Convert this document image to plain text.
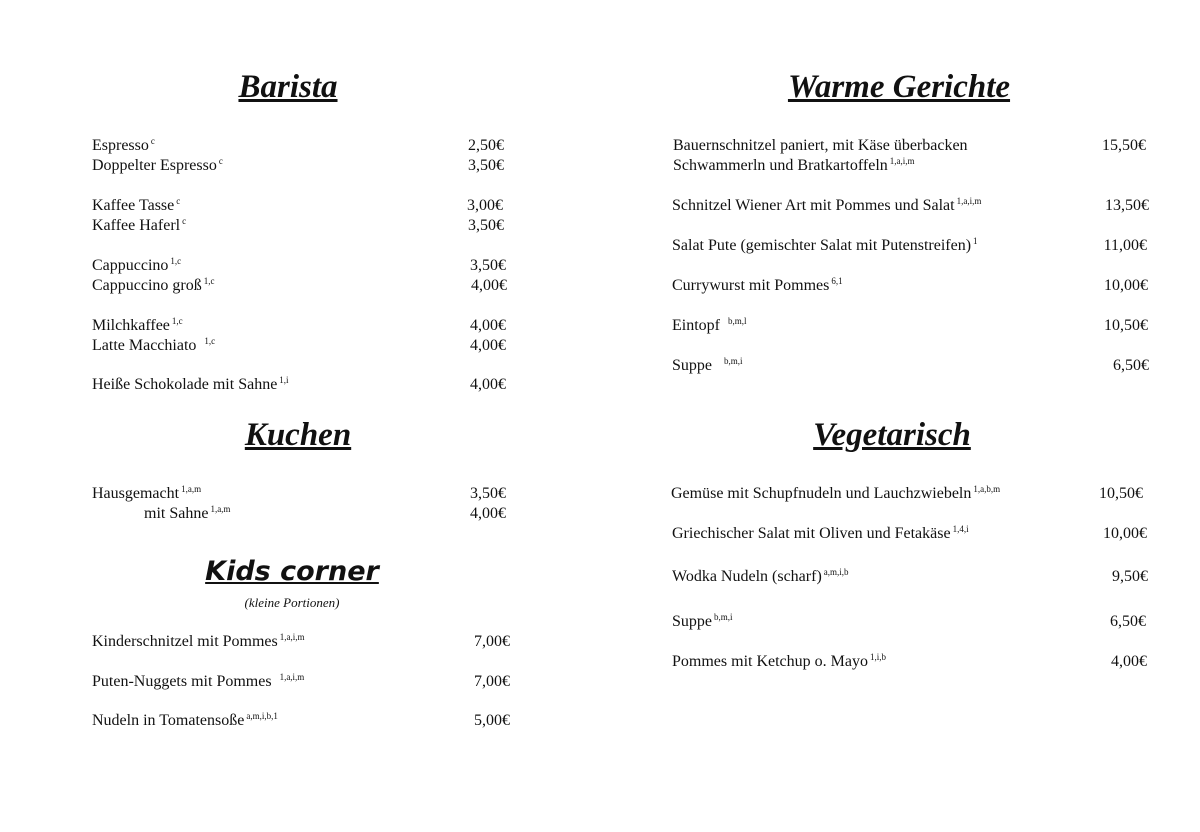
Barista
Espresso $^c$	2,50€
Doppelter Espresso $^c$	3,50€
Kaffee Tasse $^c$	3,00€
Kaffee Haferl $^c$	3,50€
Cappuccino $^{1,c}$	3,50€
Cappuccino groß $^{1,c}$	4,00€
Milchkaffee $^{1,c}$	4,00€
Latte Macchiato $^{1,c}$	4,00€
Heiße Schokolade mit Sahne $^{1,i}$	4,00€
Kuchen
Hausgemacht $^{1,a,m}$	3,50€
mit Sahne $^{1,a,m}$	4,00€
Kids corner
(kleine Portionen)
Kinderschnitzel mit Pommes $^{1,a,i,m}$	7,00€
Puten-Nuggets mit Pommes $^{1,a,i,m}$	7,00€
Nudeln in Tomatensoße $^{a,m,i,b,1}$	5,00€
Warme Gerichte
Bauernschnitzel paniert, mit Käse überbacken
Schwammerln und Bratkartoffeln $^{1,a,i,m}$
15,50€
Schnitzel Wiener Art mit Pommes und Salat $^{1,a,i,m}$	13,50€
Salat Pute (gemischter Salat mit Putenstreifen) $^1$	11,00€
Currywurst mit Pommes $^{6,1}$	10,00€
Eintopf $^{b,m,l}$	10,50€
Suppe $^{b,m,i}$	6,50€
Vegetarisch
Gemüse mit Schupfnudeln und Lauchzwiebeln $^{1,a,b,m}$	10,50€
Griechischer Salat mit Oliven und Fetakäse $^{1,4,i}$	10,00€
Wodka Nudeln (scharf) $^{a,m,i,b}$	9,50€
Suppe $^{b,m,i}$	6,50€
Pommes mit Ketchup o. Mayo $^{1,i,b}$	4,00€
